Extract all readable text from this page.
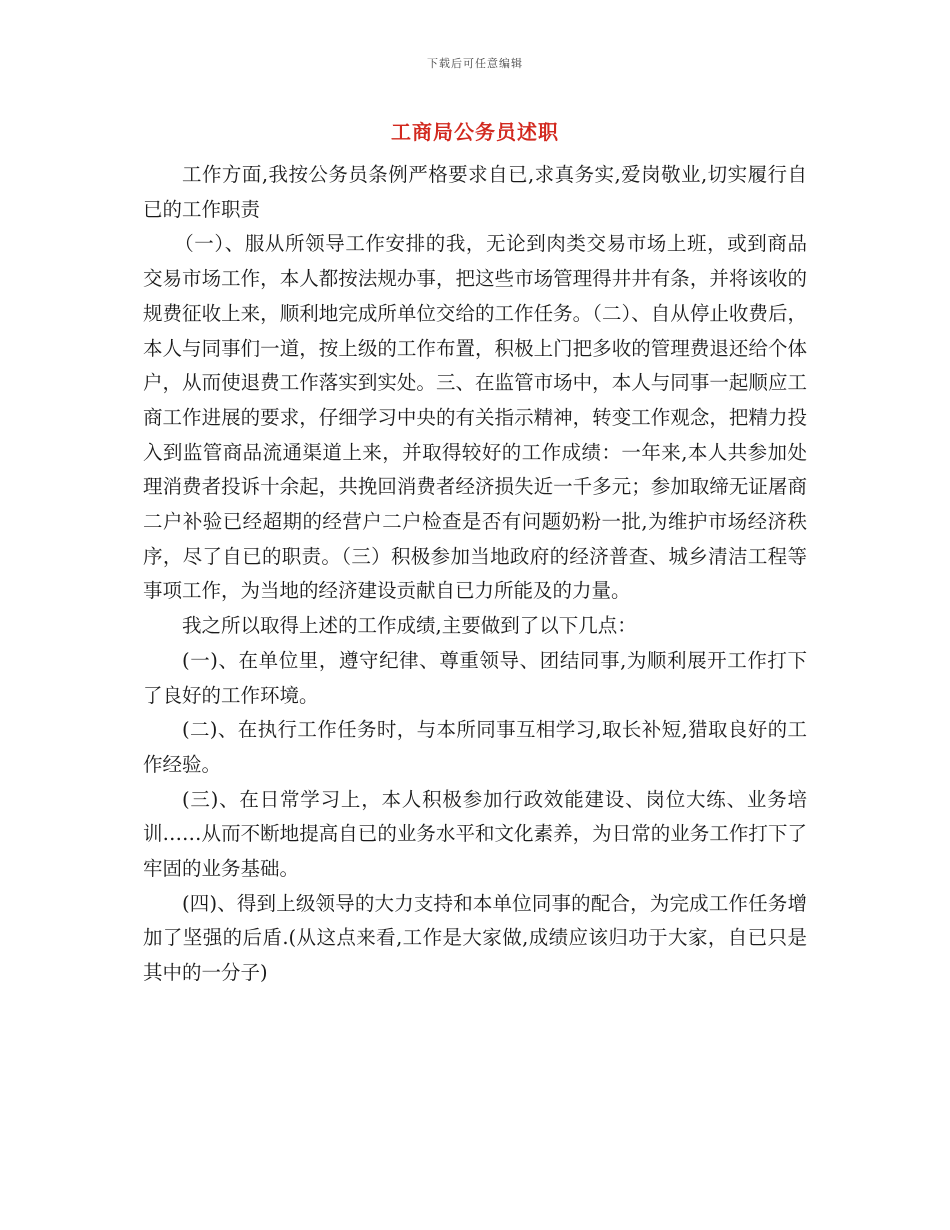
下载后可任意编辑
工商局公务员述职

工作方面,我按公务员条例严格要求自已,求真务实,爱岗敬业,切实履行自已的工作职责

（一）、服从所领导工作安排的我，无论到肉类交易市场上班，或到商品交易市场工作，本人都按法规办事，把这些市场管理得井井有条，并将该收的规费征收上来，顺利地完成所单位交给的工作任务。（二）、自从停止收费后，本人与同事们一道，按上级的工作布置，积极上门把多收的管理费退还给个体户，从而使退费工作落实到实处。三、在监管市场中，本人与同事一起顺应工商工作进展的要求，仔细学习中央的有关指示精神，转变工作观念，把精力投入到监管商品流通渠道上来，并取得较好的工作成绩：一年来,本人共参加处理消费者投诉十余起，共挽回消费者经济损失近一千多元；参加取缔无证屠商二户补验已经超期的经营户二户检查是否有问题奶粉一批,为维护市场经济秩序，尽了自已的职责。（三）积极参加当地政府的经济普查、城乡清洁工程等事项工作，为当地的经济建设贡献自已力所能及的力量。

我之所以取得上述的工作成绩,主要做到了以下几点：

(一)、在单位里，遵守纪律、尊重领导、团结同事,为顺利展开工作打下了良好的工作环境。

(二)、在执行工作任务时，与本所同事互相学习,取长补短,猎取良好的工作经验。

(三)、在日常学习上，本人积极参加行政效能建设、岗位大练、业务培训……从而不断地提高自已的业务水平和文化素养，为日常的业务工作打下了牢固的业务基础。

(四)、得到上级领导的大力支持和本单位同事的配合，为完成工作任务增加了坚强的后盾.(从这点来看,工作是大家做,成绩应该归功于大家，自已只是其中的一分子)
